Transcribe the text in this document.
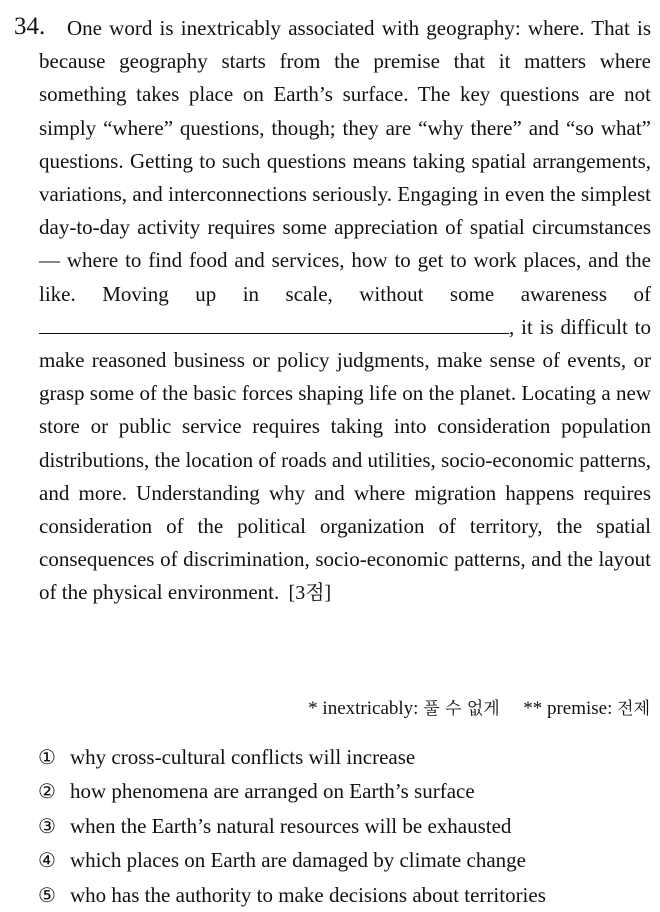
34.	One word is inextricably associated with geography: where. That is because geography starts from the premise that it matters where something takes place on Earth’s surface. The key questions are not simply “where” questions, though; they are “why there” and “so what” questions. Getting to such questions means taking spatial arrangements, variations, and interconnections seriously. Engaging in even the simplest day-to-day activity requires some appreciation of spatial circumstances — where to find food and services, how to get to work places, and the like. Moving up in scale, without some awareness of , it is difficult to make reasoned business or policy judgments, make sense of events, or grasp some of the basic forces shaping life on the planet. Locating a new store or public service requires taking into consideration population distributions, the location of roads and utilities, socio-economic patterns, and more. Understanding why and where migration happens requires consideration of the political organization of territory, the spatial consequences of discrimination, socio-economic patterns, and the layout of the physical environment. [3점]

* inextricably: 풀 수 없게 ** premise: 전제
① why cross-cultural conflicts will increase
② how phenomena are arranged on Earth’s surface
③ when the Earth’s natural resources will be exhausted
④ which places on Earth are damaged by climate change
⑤ who has the authority to make decisions about territories
